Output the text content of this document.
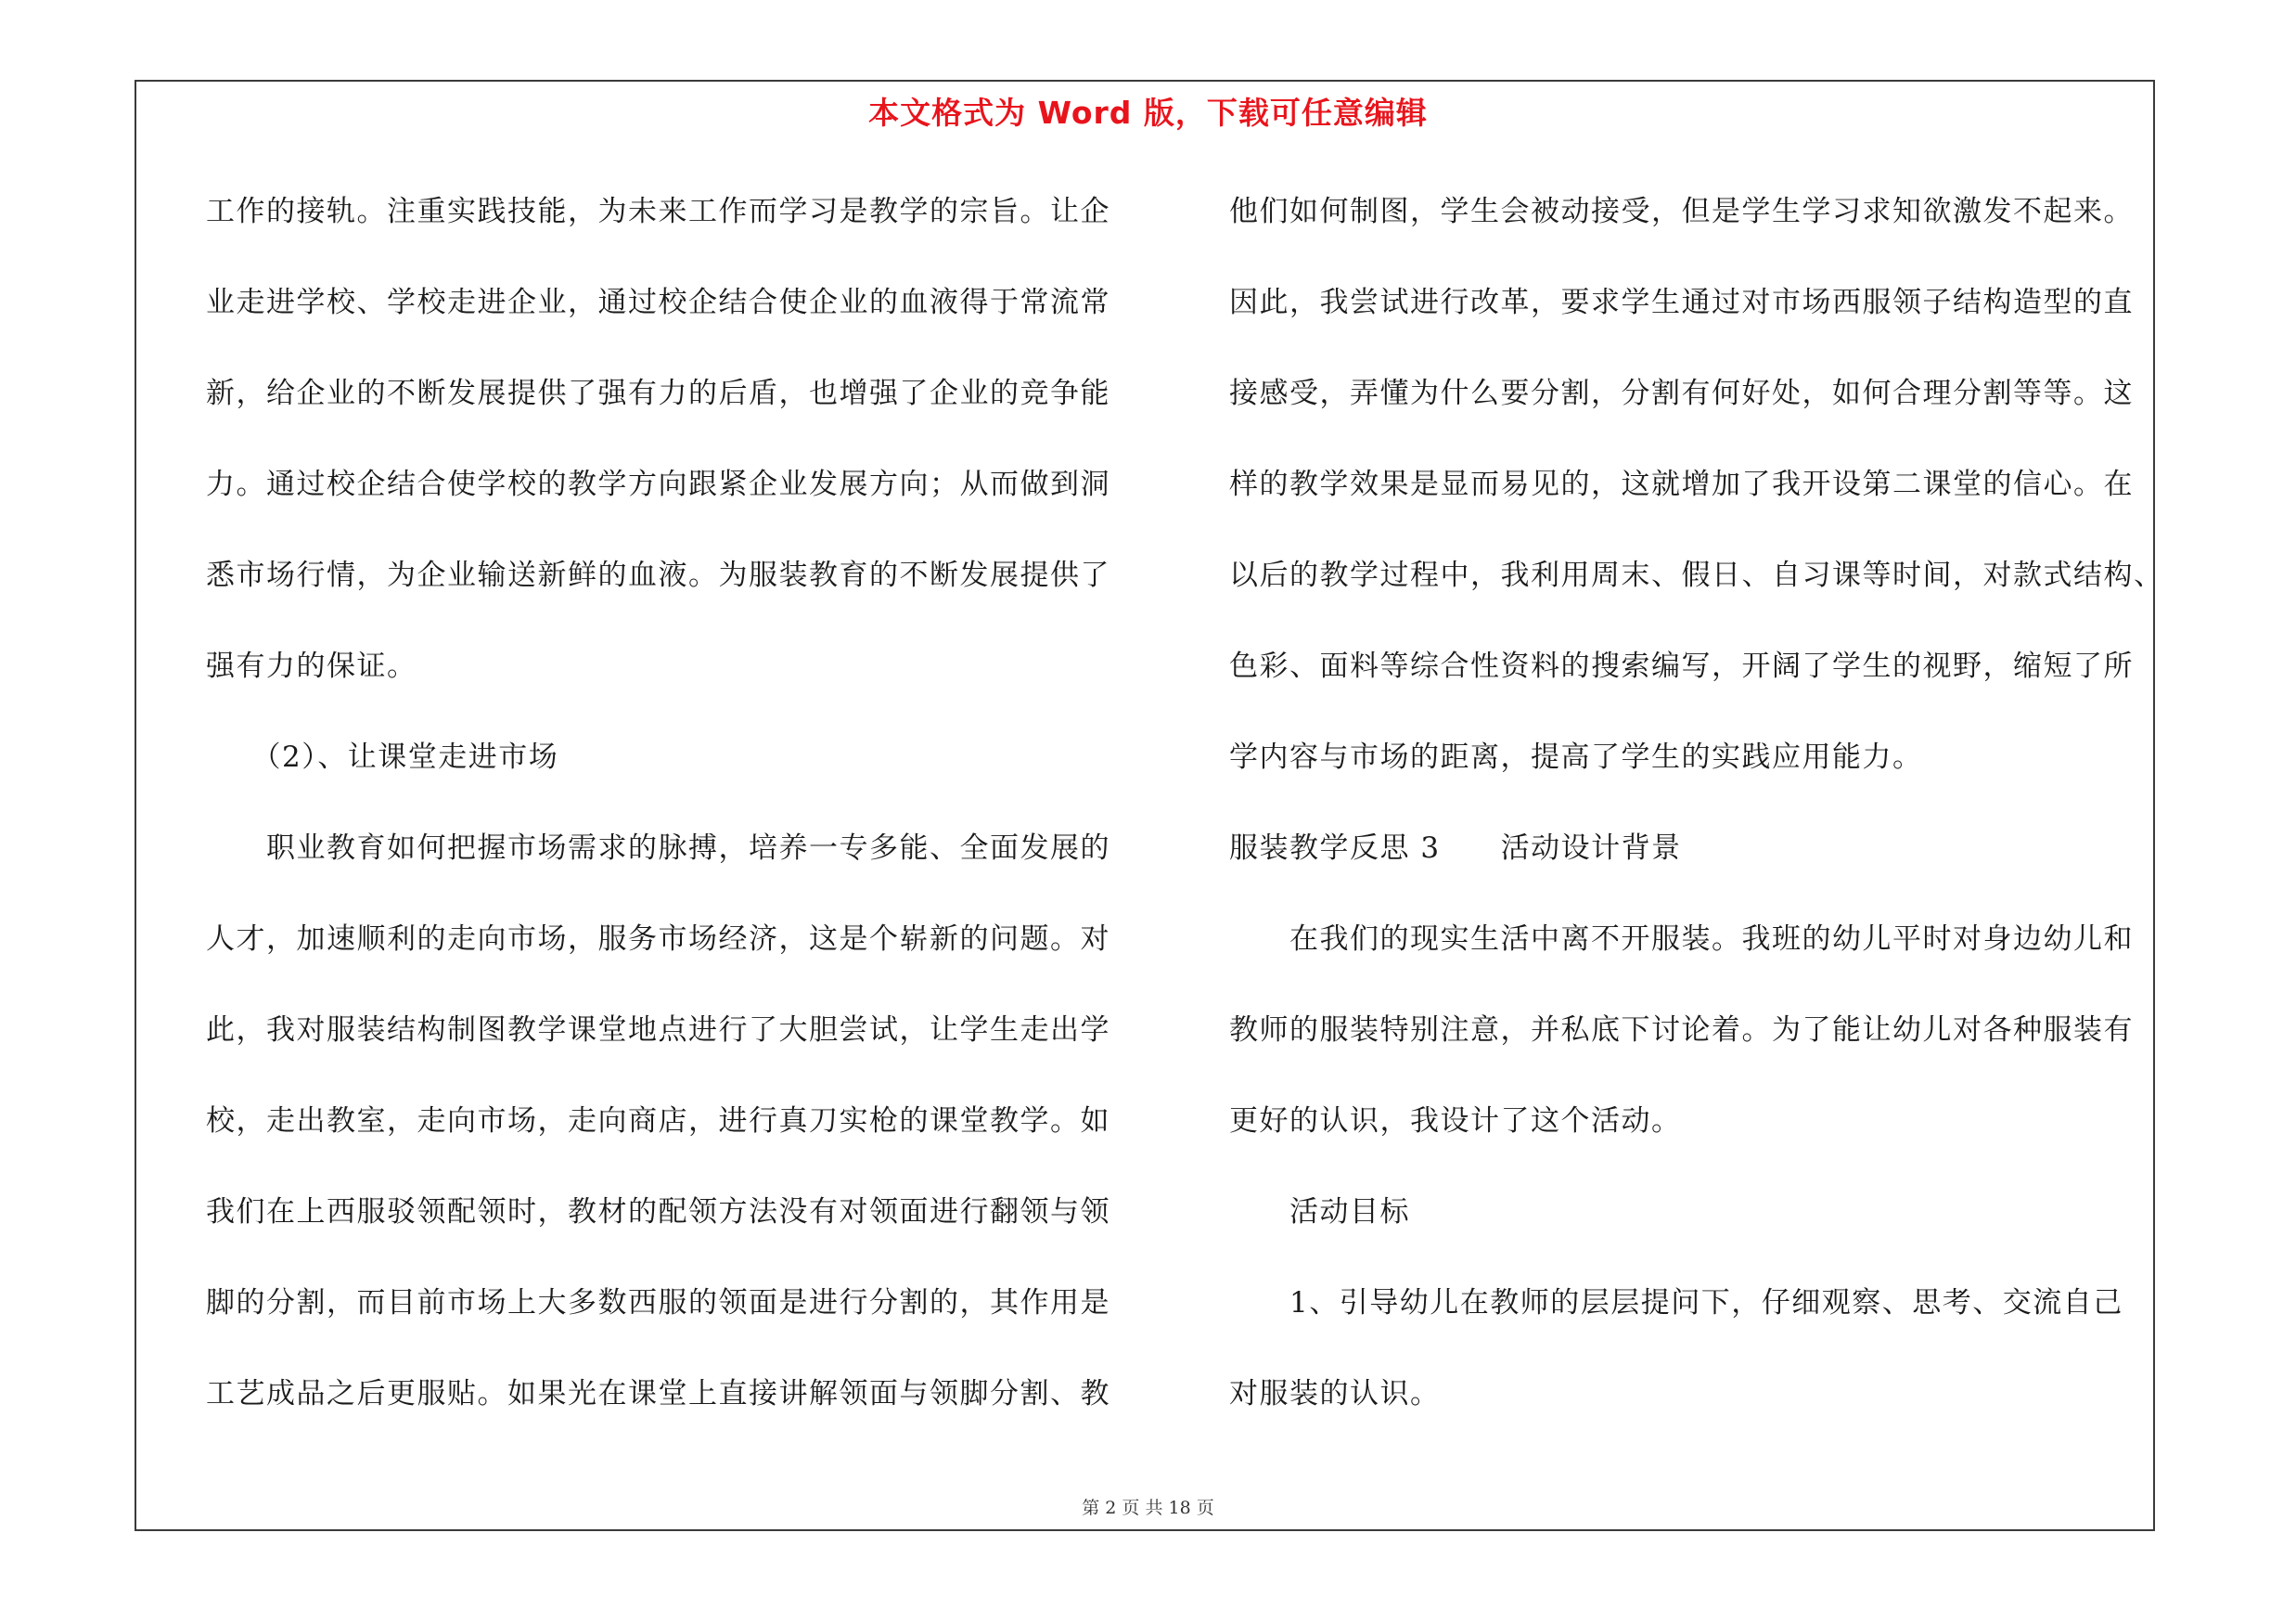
本文格式为 Word 版，下载可任意编辑
工作的接轨。注重实践技能，为未来工作而学习是教学的宗旨。让企
业走进学校、学校走进企业，通过校企结合使企业的血液得于常流常
新，给企业的不断发展提供了强有力的后盾，也增强了企业的竞争能
力。通过校企结合使学校的教学方向跟紧企业发展方向；从而做到洞
悉市场行情，为企业输送新鲜的血液。为服装教育的不断发展提供了
强有力的保证。
　　（2）、让课堂走进市场
　　职业教育如何把握市场需求的脉搏，培养一专多能、全面发展的
人才，加速顺利的走向市场，服务市场经济，这是个崭新的问题。对
此，我对服装结构制图教学课堂地点进行了大胆尝试，让学生走出学
校，走出教室，走向市场，走向商店，进行真刀实枪的课堂教学。如
我们在上西服驳领配领时，教材的配领方法没有对领面进行翻领与领
脚的分割，而目前市场上大多数西服的领面是进行分割的，其作用是
工艺成品之后更服贴。如果光在课堂上直接讲解领面与领脚分割、教
他们如何制图，学生会被动接受，但是学生学习求知欲激发不起来。
因此，我尝试进行改革，要求学生通过对市场西服领子结构造型的直
接感受，弄懂为什么要分割，分割有何好处，如何合理分割等等。这
样的教学效果是显而易见的，这就增加了我开设第二课堂的信心。在
以后的教学过程中，我利用周末、假日、自习课等时间，对款式结构、
色彩、面料等综合性资料的搜索编写，开阔了学生的视野，缩短了所
学内容与市场的距离，提高了学生的实践应用能力。
服装教学反思 3　　活动设计背景
　　在我们的现实生活中离不开服装。我班的幼儿平时对身边幼儿和
教师的服装特别注意，并私底下讨论着。为了能让幼儿对各种服装有
更好的认识，我设计了这个活动。
　　活动目标
　　1、引导幼儿在教师的层层提问下，仔细观察、思考、交流自己
对服装的认识。
第 2 页 共 18 页
